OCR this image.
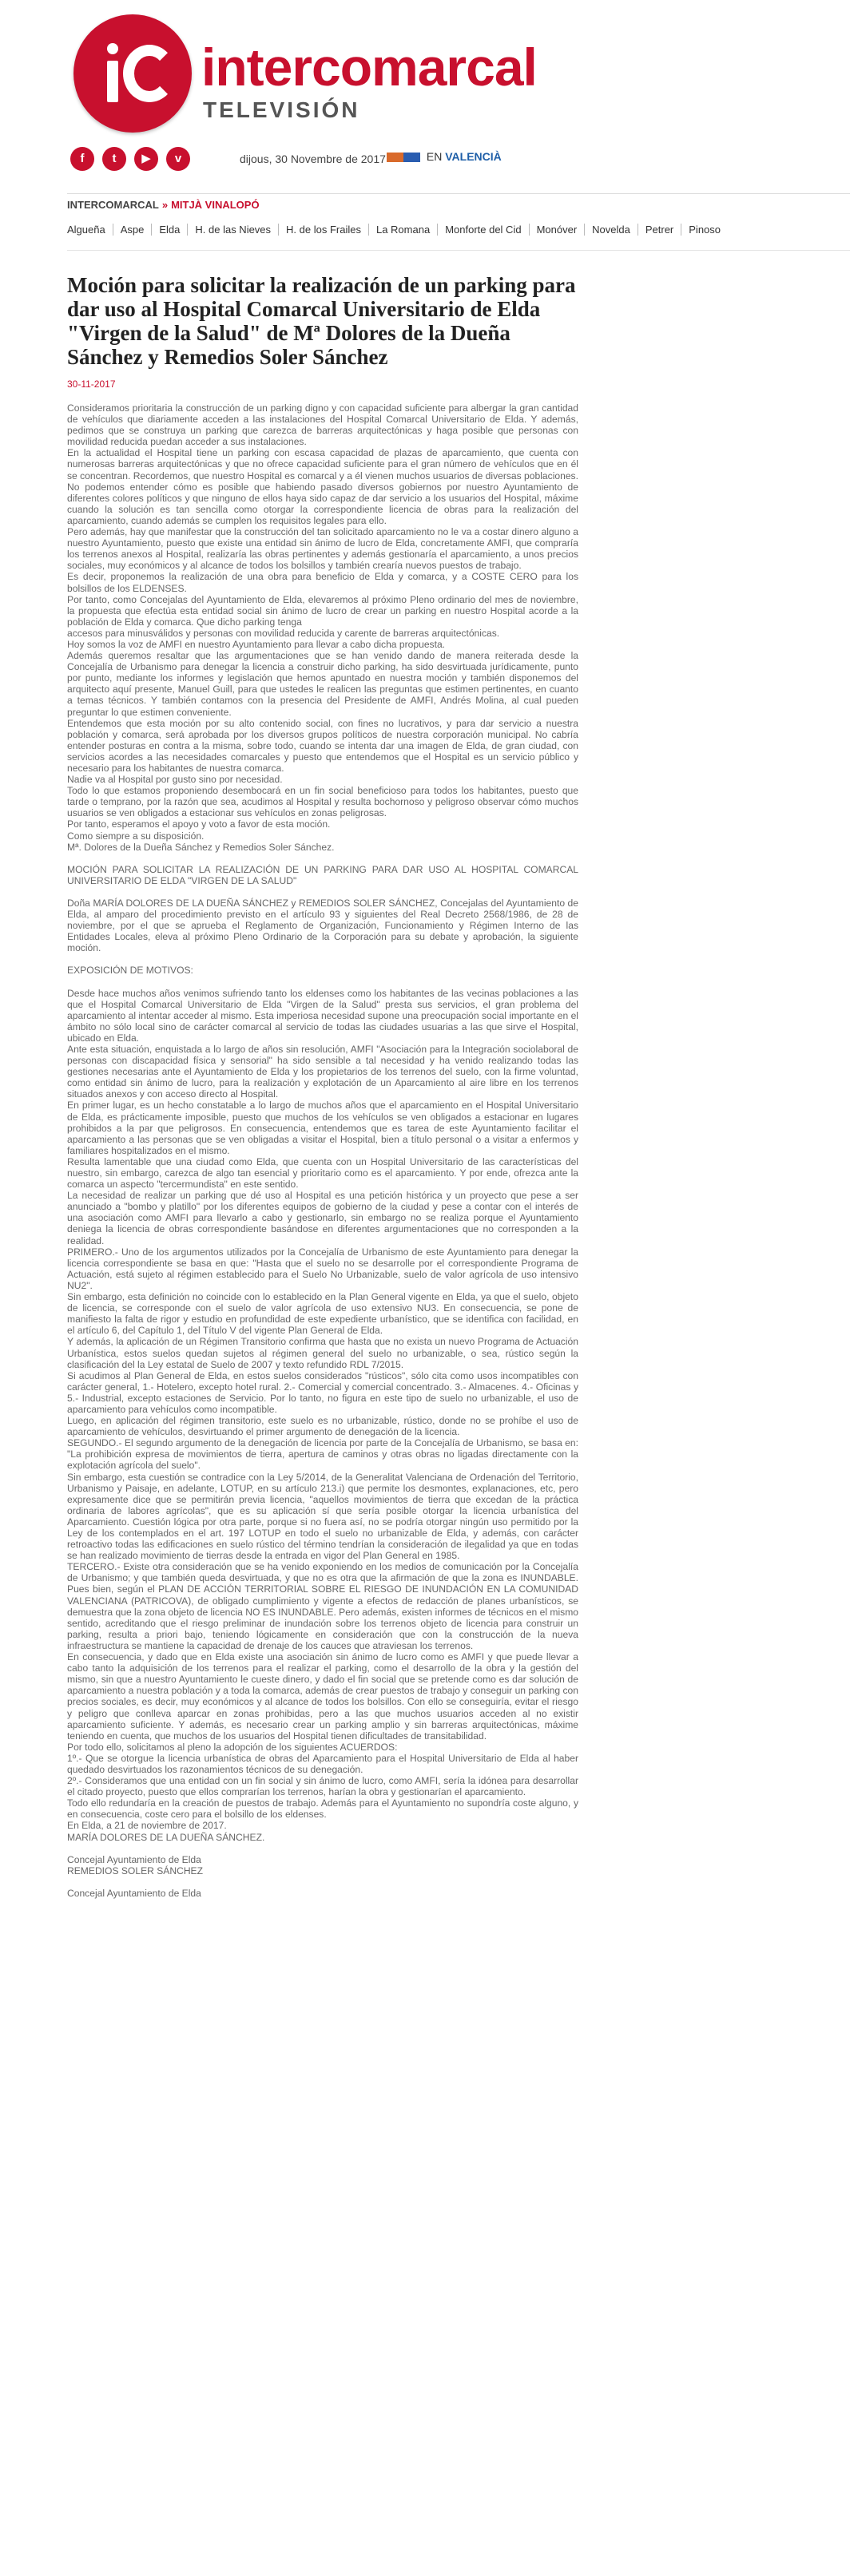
intercomarcal
TELEVISIÓN
f	t	▶	v	dijous, 30 Novembre de 2017	EN VALENCIÀ
INTERCOMARCAL » MITJÀ VINALOPÓ
Algueña Aspe Elda H. de las Nieves H. de los Frailes La Romana Monforte del Cid Monóver Novelda Petrer Pinoso
Moción para solicitar la realización de un parking para dar uso al Hospital Comarcal Universitario de Elda "Virgen de la Salud" de Mª Dolores de la Dueña Sánchez y Remedios Soler Sánchez
30-11-2017

Consideramos prioritaria la construcción de un parking digno y con capacidad suficiente para albergar la gran cantidad de vehículos que diariamente acceden a las instalaciones del Hospital Comarcal Universitario de Elda. Y además, pedimos que se construya un parking que carezca de barreras arquitectónicas y haga posible que personas con movilidad reducida puedan acceder a sus instalaciones.

En la actualidad el Hospital tiene un parking con escasa capacidad de plazas de aparcamiento, que cuenta con numerosas barreras arquitectónicas y que no ofrece capacidad suficiente para el gran número de vehículos que en él se concentran. Recordemos, que nuestro Hospital es comarcal y a él vienen muchos usuarios de diversas poblaciones.

No podemos entender cómo es posible que habiendo pasado diversos gobiernos por nuestro Ayuntamiento de diferentes colores políticos y que ninguno de ellos haya sido capaz de dar servicio a los usuarios del Hospital, máxime cuando la solución es tan sencilla como otorgar la correspondiente licencia de obras para la realización del aparcamiento, cuando además se cumplen los requisitos legales para ello.

Pero además, hay que manifestar que la construcción del tan solicitado aparcamiento no le va a costar dinero alguno a nuestro Ayuntamiento, puesto que existe una entidad sin ánimo de lucro de Elda, concretamente AMFI, que compraría los terrenos anexos al Hospital, realizaría las obras pertinentes y además gestionaría el aparcamiento, a unos precios sociales, muy económicos y al alcance de todos los bolsillos y también crearía nuevos puestos de trabajo.

Es decir, proponemos la realización de una obra para beneficio de Elda y comarca, y a COSTE CERO para los bolsillos de los ELDENSES.

Por tanto, como Concejalas del Ayuntamiento de Elda, elevaremos al próximo Pleno ordinario del mes de noviembre, la propuesta que efectúa esta entidad social sin ánimo de lucro de crear un parking en nuestro Hospital acorde a la población de Elda y comarca. Que dicho parking tenga

accesos para minusválidos y personas con movilidad reducida y carente de barreras arquitectónicas.

Hoy somos la voz de AMFI en nuestro Ayuntamiento para llevar a cabo dicha propuesta.

Además queremos resaltar que las argumentaciones que se han venido dando de manera reiterada desde la Concejalía de Urbanismo para denegar la licencia a construir dicho parking, ha sido desvirtuada jurídicamente, punto por punto, mediante los informes y legislación que hemos apuntado en nuestra moción y también disponemos del arquitecto aquí presente, Manuel Guill, para que ustedes le realicen las preguntas que estimen pertinentes, en cuanto a temas técnicos. Y también contamos con la presencia del Presidente de AMFI, Andrés Molina, al cual pueden preguntar lo que estimen conveniente.

Entendemos que esta moción por su alto contenido social, con fines no lucrativos, y para dar servicio a nuestra población y comarca, será aprobada por los diversos grupos políticos de nuestra corporación municipal. No cabría entender posturas en contra a la misma, sobre todo, cuando se intenta dar una imagen de Elda, de gran ciudad, con servicios acordes a las necesidades comarcales y puesto que entendemos que el Hospital es un servicio público y necesario para los habitantes de nuestra comarca.

Nadie va al Hospital por gusto sino por necesidad.

Todo lo que estamos proponiendo desembocará en un fin social beneficioso para todos los habitantes, puesto que tarde o temprano, por la razón que sea, acudimos al Hospital y resulta bochornoso y peligroso observar cómo muchos usuarios se ven obligados a estacionar sus vehículos en zonas peligrosas.

Por tanto, esperamos el apoyo y voto a favor de esta moción.

Como siempre a su disposición.

Mª. Dolores de la Dueña Sánchez y Remedios Soler Sánchez.

MOCIÓN PARA SOLICITAR LA REALIZACIÓN DE UN PARKING PARA DAR USO AL HOSPITAL COMARCAL UNIVERSITARIO DE ELDA "VIRGEN DE LA SALUD"

Doña MARÍA DOLORES DE LA DUEÑA SÁNCHEZ y REMEDIOS SOLER SÁNCHEZ, Concejalas del Ayuntamiento de Elda, al amparo del procedimiento previsto en el artículo 93 y siguientes del Real Decreto 2568/1986, de 28 de noviembre, por el que se aprueba el Reglamento de Organización, Funcionamiento y Régimen Interno de las Entidades Locales, eleva al próximo Pleno Ordinario de la Corporación para su debate y aprobación, la siguiente moción.

EXPOSICIÓN DE MOTIVOS:

Desde hace muchos años venimos sufriendo tanto los eldenses como los habitantes de las vecinas poblaciones a las que el Hospital Comarcal Universitario de Elda "Virgen de la Salud" presta sus servicios, el gran problema del aparcamiento al intentar acceder al mismo. Esta imperiosa necesidad supone una preocupación social importante en el ámbito no sólo local sino de carácter comarcal al servicio de todas las ciudades usuarias a las que sirve el Hospital, ubicado en Elda.

Ante esta situación, enquistada a lo largo de años sin resolución, AMFI "Asociación para la Integración sociolaboral de personas con discapacidad física y sensorial" ha sido sensible a tal necesidad y ha venido realizando todas las gestiones necesarias ante el Ayuntamiento de Elda y los propietarios de los terrenos del suelo, con la firme voluntad, como entidad sin ánimo de lucro, para la realización y explotación de un Aparcamiento al aire libre en los terrenos situados anexos y con acceso directo al Hospital.

En primer lugar, es un hecho constatable a lo largo de muchos años que el aparcamiento en el Hospital Universitario de Elda, es prácticamente imposible, puesto que muchos de los vehículos se ven obligados a estacionar en lugares prohibidos a la par que peligrosos. En consecuencia, entendemos que es tarea de este Ayuntamiento facilitar el aparcamiento a las personas que se ven obligadas a visitar el Hospital, bien a título personal o a visitar a enfermos y familiares hospitalizados en el mismo.

Resulta lamentable que una ciudad como Elda, que cuenta con un Hospital Universitario de las características del nuestro, sin embargo, carezca de algo tan esencial y prioritario como es el aparcamiento. Y por ende, ofrezca ante la comarca un aspecto "tercermundista" en este sentido.

La necesidad de realizar un parking que dé uso al Hospital es una petición histórica y un proyecto que pese a ser anunciado a "bombo y platillo" por los diferentes equipos de gobierno de la ciudad y pese a contar con el interés de una asociación como AMFI para llevarlo a cabo y gestionarlo, sin embargo no se realiza porque el Ayuntamiento deniega la licencia de obras correspondiente basándose en diferentes argumentaciones que no corresponden a la realidad.

PRIMERO.- Uno de los argumentos utilizados por la Concejalía de Urbanismo de este Ayuntamiento para denegar la licencia correspondiente se basa en que: "Hasta que el suelo no se desarrolle por el correspondiente Programa de Actuación, está sujeto al régimen establecido para el Suelo No Urbanizable, suelo de valor agrícola de uso intensivo NU2".

Sin embargo, esta definición no coincide con lo establecido en la Plan General vigente en Elda, ya que el suelo, objeto de licencia, se corresponde con el suelo de valor agrícola de uso extensivo NU3. En consecuencia, se pone de manifiesto la falta de rigor y estudio en profundidad de este expediente urbanístico, que se identifica con facilidad, en el artículo 6, del Capítulo 1, del Título V del vigente Plan General de Elda.

Y además, la aplicación de un Régimen Transitorio confirma que hasta que no exista un nuevo Programa de Actuación Urbanística, estos suelos quedan sujetos al régimen general del suelo no urbanizable, o sea, rústico según la clasificación del la Ley estatal de Suelo de 2007 y texto refundido RDL 7/2015.

Si acudimos al Plan General de Elda, en estos suelos considerados "rústicos", sólo cita como usos incompatibles con carácter general, 1.- Hotelero, excepto hotel rural. 2.- Comercial y comercial concentrado. 3.- Almacenes. 4.- Oficinas y 5.- Industrial, excepto estaciones de Servicio. Por lo tanto, no figura en este tipo de suelo no urbanizable, el uso de aparcamiento para vehículos como incompatible.

Luego, en aplicación del régimen transitorio, este suelo es no urbanizable, rústico, donde no se prohíbe el uso de aparcamiento de vehículos, desvirtuando el primer argumento de denegación de la licencia.

SEGUNDO.- El segundo argumento de la denegación de licencia por parte de la Concejalía de Urbanismo, se basa en: "La prohibición expresa de movimientos de tierra, apertura de caminos y otras obras no ligadas directamente con la explotación agrícola del suelo".

Sin embargo, esta cuestión se contradice con la Ley 5/2014, de la Generalitat Valenciana de Ordenación del Territorio, Urbanismo y Paisaje, en adelante, LOTUP, en su artículo 213.i) que permite los desmontes, explanaciones, etc, pero expresamente dice que se permitirán previa licencia, "aquellos movimientos de tierra que excedan de la práctica ordinaria de labores agrícolas", que es su aplicación sí que sería posible otorgar la licencia urbanística del Aparcamiento. Cuestión lógica por otra parte, porque si no fuera así, no se podría otorgar ningún uso permitido por la Ley de los contemplados en el art. 197 LOTUP en todo el suelo no urbanizable de Elda, y además, con carácter retroactivo todas las edificaciones en suelo rústico del término tendrían la consideración de ilegalidad ya que en todas se han realizado movimiento de tierras desde la entrada en vigor del Plan General en 1985.

TERCERO.- Existe otra consideración que se ha venido exponiendo en los medios de comunicación por la Concejalía de Urbanismo; y que también queda desvirtuada, y que no es otra que la afirmación de que la zona es INUNDABLE. Pues bien, según el PLAN DE ACCIÓN TERRITORIAL SOBRE EL RIESGO DE INUNDACIÓN EN LA COMUNIDAD VALENCIANA (PATRICOVA), de obligado cumplimiento y vigente a efectos de redacción de planes urbanísticos, se demuestra que la zona objeto de licencia NO ES INUNDABLE. Pero además, existen informes de técnicos en el mismo sentido, acreditando que el riesgo preliminar de inundación sobre los terrenos objeto de licencia para construir un parking, resulta a priori bajo, teniendo lógicamente en consideración que con la construcción de la nueva infraestructura se mantiene la capacidad de drenaje de los cauces que atraviesan los terrenos.

En consecuencia, y dado que en Elda existe una asociación sin ánimo de lucro como es AMFI y que puede llevar a cabo tanto la adquisición de los terrenos para el realizar el parking, como el desarrollo de la obra y la gestión del mismo, sin que a nuestro Ayuntamiento le cueste dinero, y dado el fin social que se pretende como es dar solución de aparcamiento a nuestra población y a toda la comarca, además de crear puestos de trabajo y conseguir un parking con precios sociales, es decir, muy económicos y al alcance de todos los bolsillos. Con ello se conseguiría, evitar el riesgo y peligro que conlleva aparcar en zonas prohibidas, pero a las que muchos usuarios acceden al no existir aparcamiento suficiente. Y además, es necesario crear un parking amplio y sin barreras arquitectónicas, máxime teniendo en cuenta, que muchos de los usuarios del Hospital tienen dificultades de transitabilidad.

Por todo ello, solicitamos al pleno la adopción de los siguientes ACUERDOS:

1º.- Que se otorgue la licencia urbanística de obras del Aparcamiento para el Hospital Universitario de Elda al haber quedado desvirtuados los razonamientos técnicos de su denegación.

2º.- Consideramos que una entidad con un fin social y sin ánimo de lucro, como AMFI, sería la idónea para desarrollar el citado proyecto, puesto que ellos comprarían los terrenos, harían la obra y gestionarían el aparcamiento.

Todo ello redundaría en la creación de puestos de trabajo. Además para el Ayuntamiento no supondría coste alguno, y en consecuencia, coste cero para el bolsillo de los eldenses.

En Elda, a 21 de noviembre de 2017.

MARÍA DOLORES DE LA DUEÑA SÁNCHEZ.

Concejal Ayuntamiento de Elda

REMEDIOS SOLER SÁNCHEZ

Concejal Ayuntamiento de Elda
